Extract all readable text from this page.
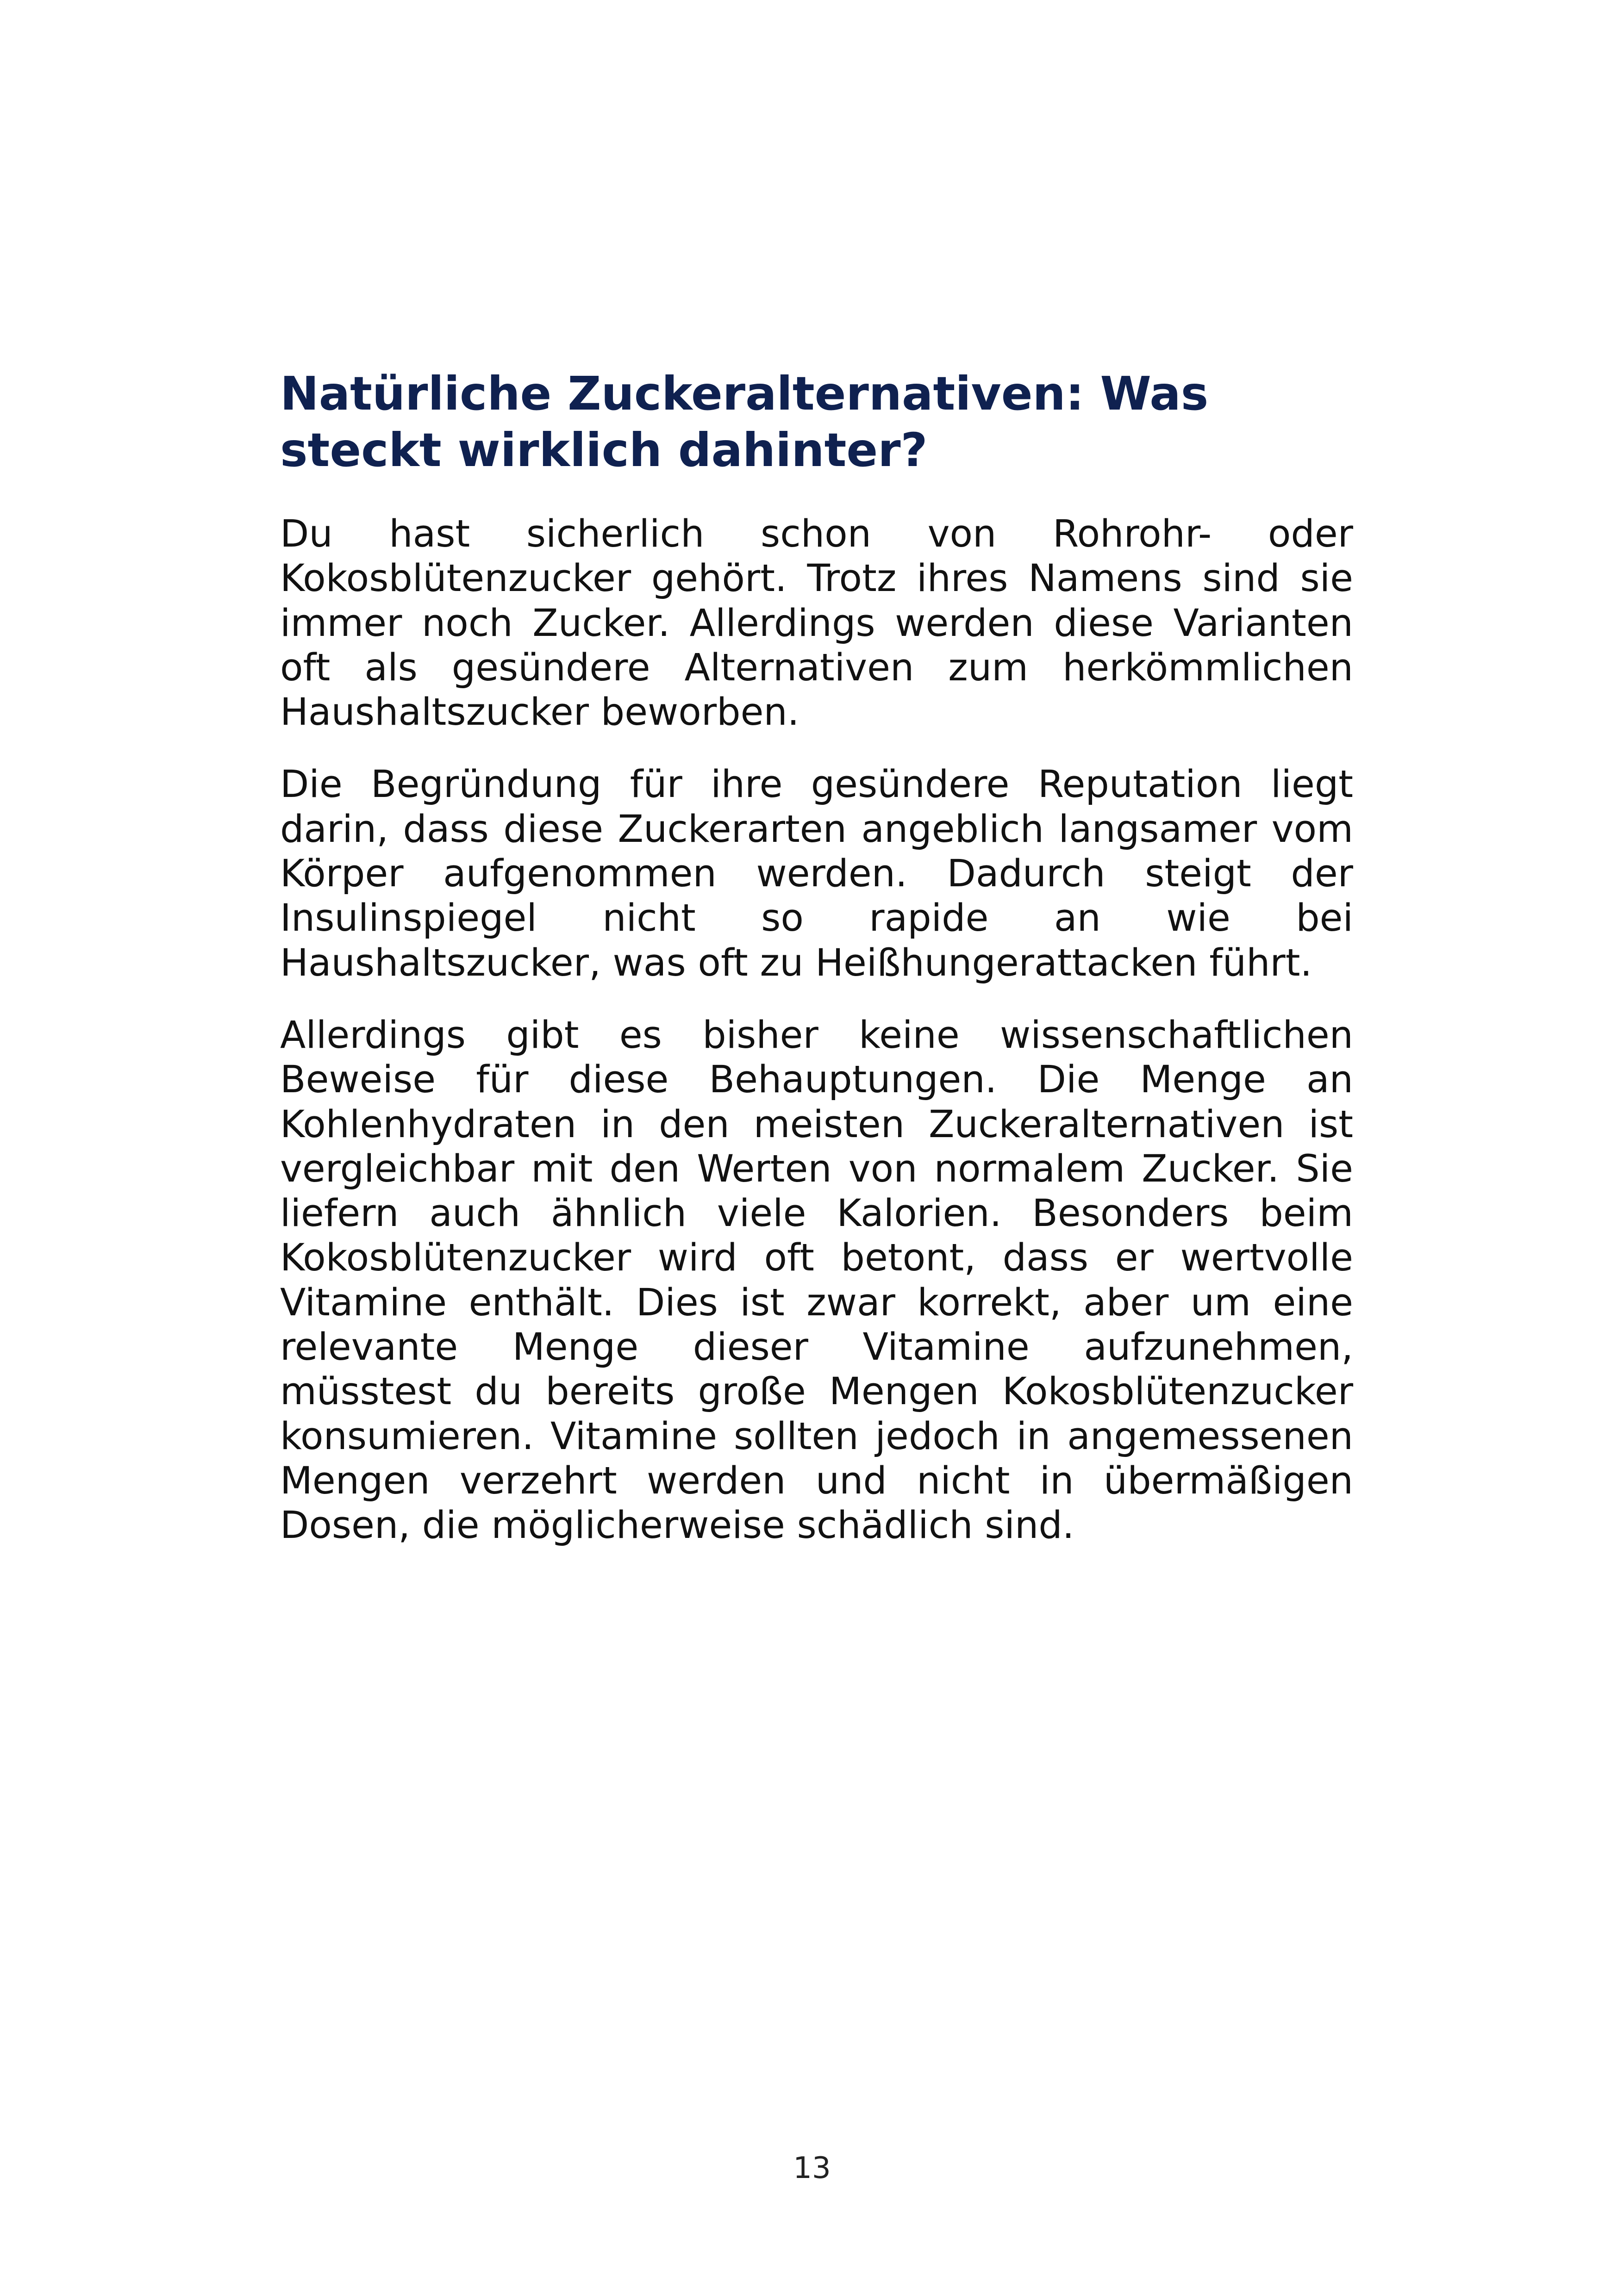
Natürliche Zuckeralternativen: Was steckt wirklich dahinter?

Du hast sicherlich schon von Rohrohr- oder Kokosblütenzucker gehört. Trotz ihres Namens sind sie immer noch Zucker. Allerdings werden diese Varianten oft als gesündere Alternativen zum herkömmlichen Haushaltszucker beworben.

Die Begründung für ihre gesündere Reputation liegt darin, dass diese Zuckerarten angeblich langsamer vom Körper aufgenommen werden. Dadurch steigt der Insulinspiegel nicht so rapide an wie bei Haushaltszucker, was oft zu Heißhungerattacken führt.

Allerdings gibt es bisher keine wissenschaftlichen Beweise für diese Behauptungen. Die Menge an Kohlenhydraten in den meisten Zuckeralternativen ist vergleichbar mit den Werten von normalem Zucker. Sie liefern auch ähnlich viele Kalorien. Besonders beim Kokosblütenzucker wird oft betont, dass er wertvolle Vitamine enthält. Dies ist zwar korrekt, aber um eine relevante Menge dieser Vitamine aufzunehmen, müsstest du bereits große Mengen Kokosblütenzucker konsumieren. Vitamine sollten jedoch in angemessenen Mengen verzehrt werden und nicht in übermäßigen Dosen, die möglicherweise schädlich sind.

13
